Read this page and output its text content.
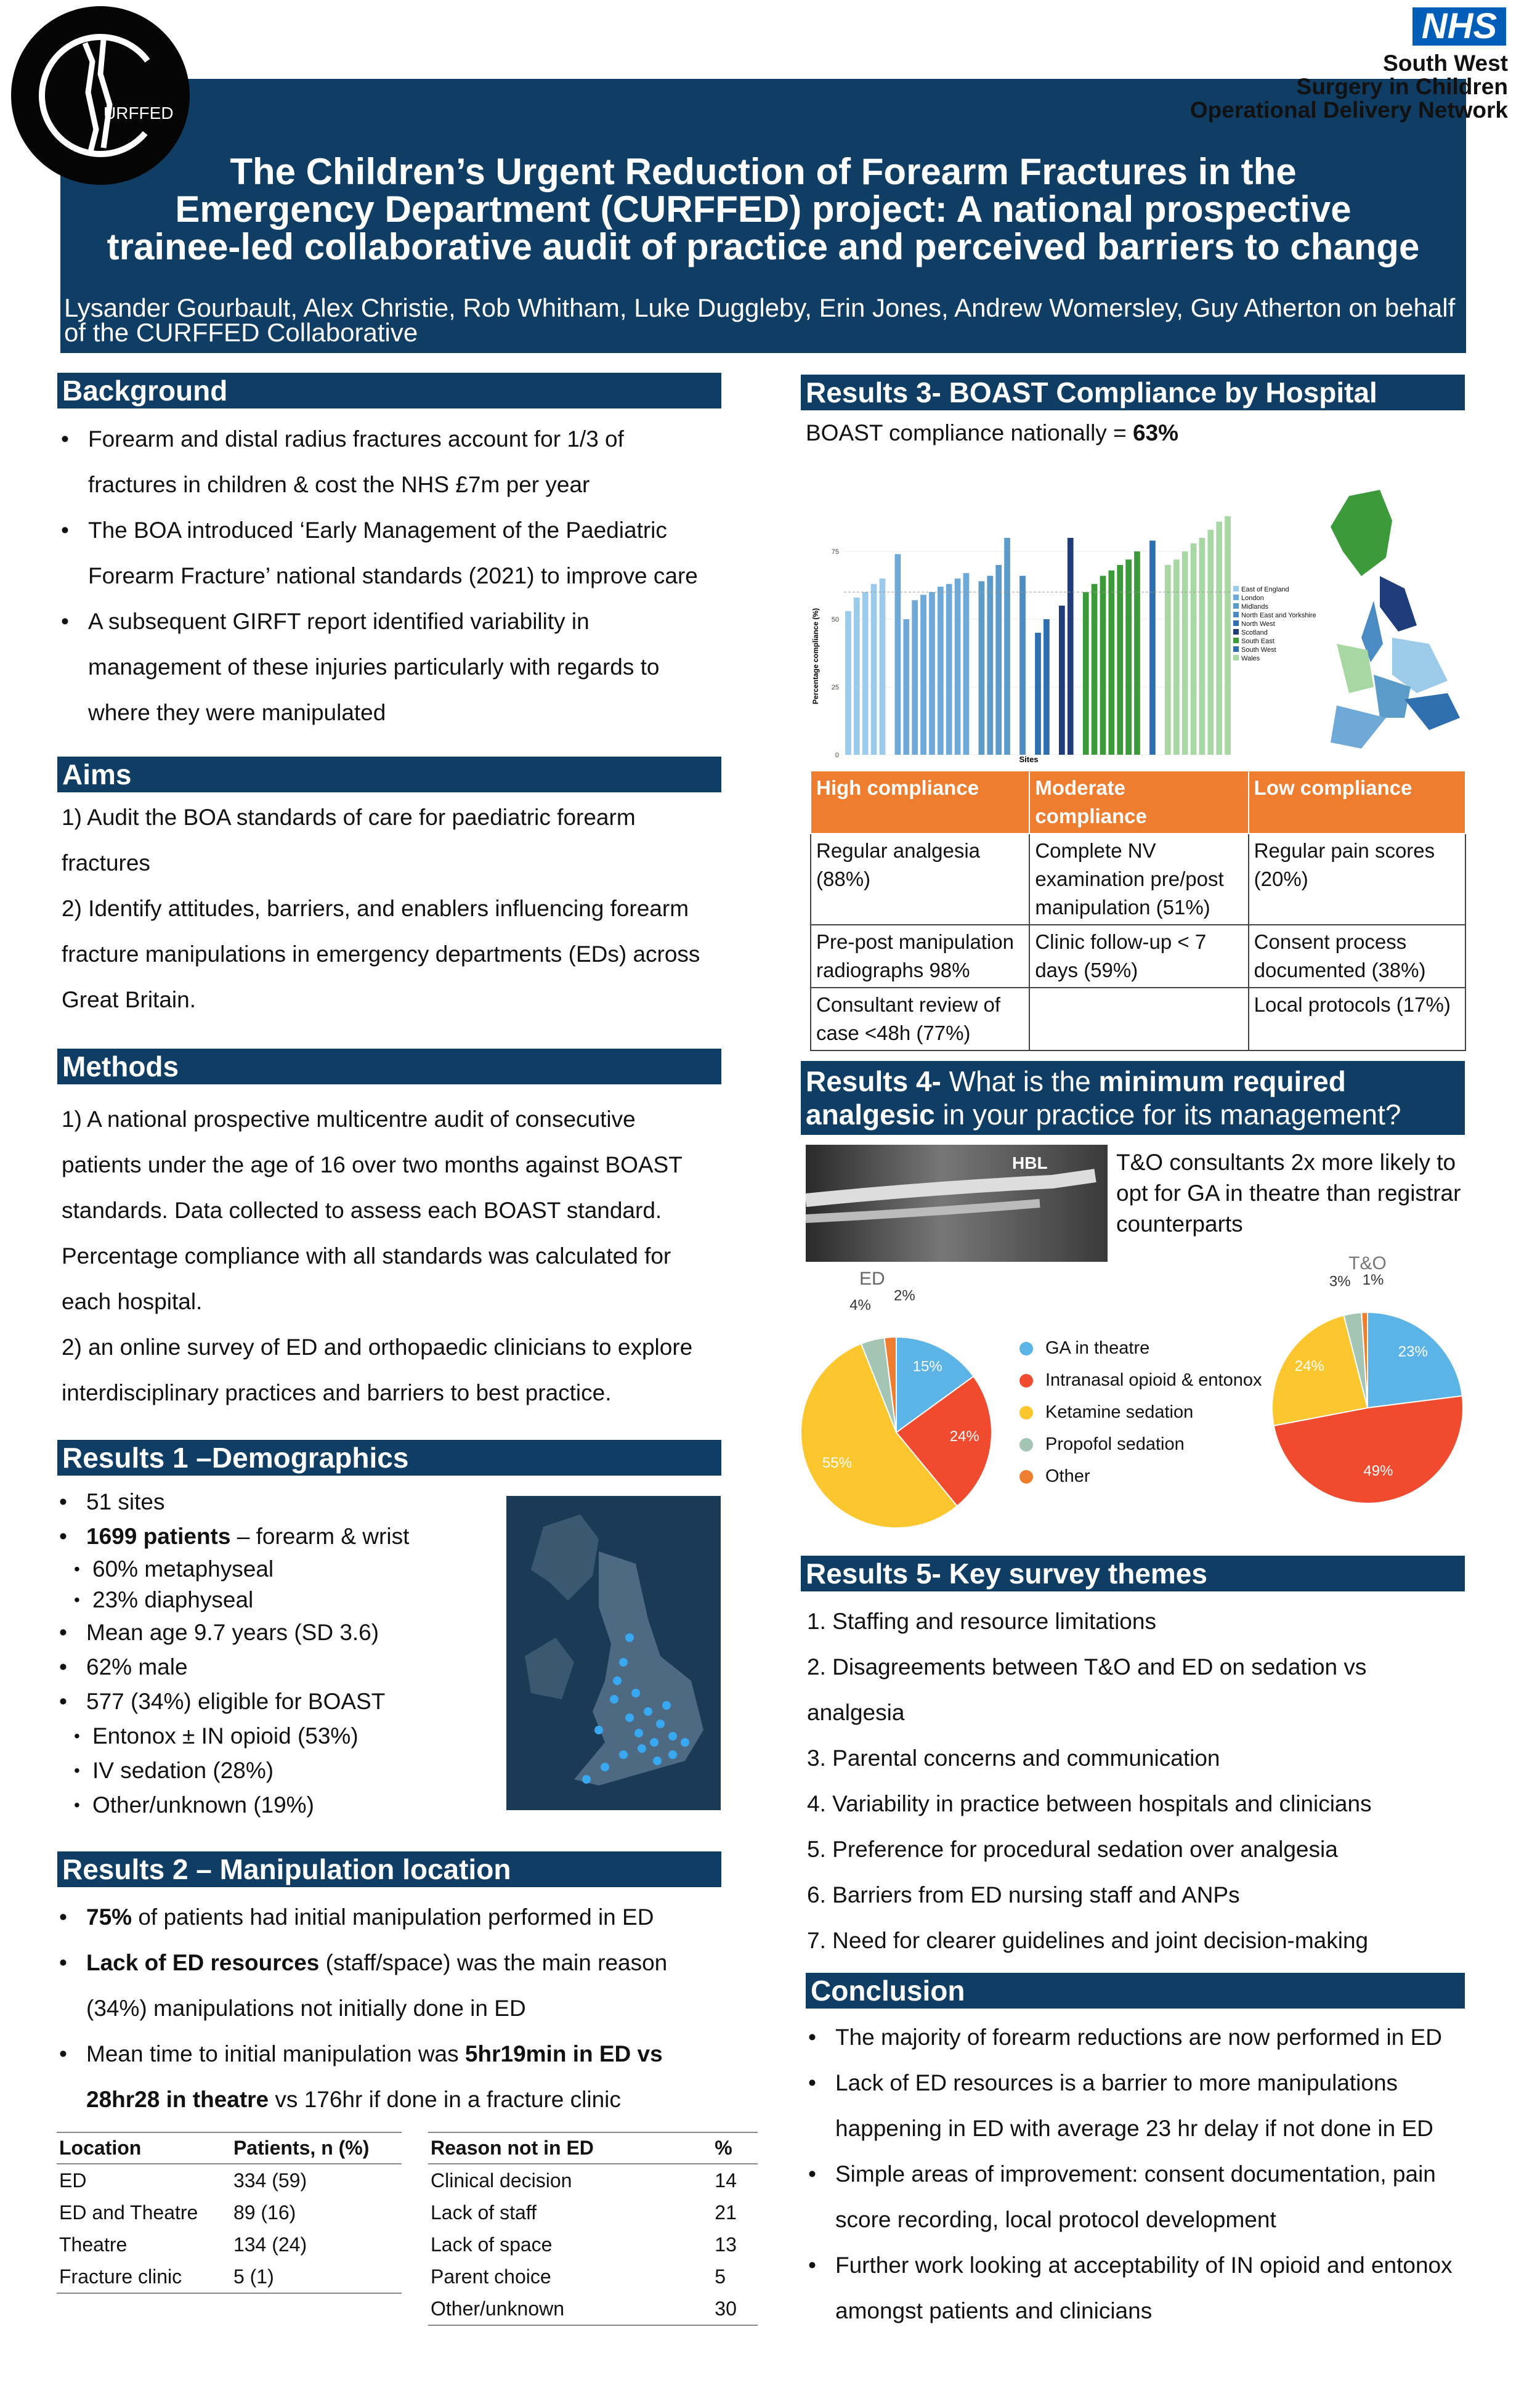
The Children’s Urgent Reduction of Forearm Fractures in the
Emergency Department (CURFFED) project: A national prospective
trainee-led collaborative audit of practice and perceived barriers to change
Lysander Gourbault, Alex Christie, Rob Whitham, Luke Duggleby, Erin Jones, Andrew Womersley, Guy Atherton on behalf
of the CURFFED Collaborative
URFFED
NHS
South West
Surgery in Children
Operational Delivery Network
Background
• Forearm and distal radius fractures account for 1/3 of fractures in children & cost the NHS £7m per year
• The BOA introduced ‘Early Management of the Paediatric Forearm Fracture’ national standards (2021) to improve care
• A subsequent GIRFT report identified variability in management of these injuries particularly with regards to where they were manipulated
Aims
1) Audit the BOA standards of care for paediatric forearm fractures
2) Identify attitudes, barriers, and enablers influencing forearm fracture manipulations in emergency departments (EDs) across Great Britain.
Methods
1) A national prospective multicentre audit of consecutive patients under the age of 16 over two months against BOAST standards. Data collected to assess each BOAST standard. Percentage compliance with all standards was calculated for each hospital.
2) an online survey of ED and orthopaedic clinicians to explore interdisciplinary practices and barriers to best practice.
Results 1 –Demographics
• 51 sites
• 1699 patients – forearm & wrist
• 60% metaphyseal
• 23% diaphyseal
• Mean age 9.7 years (SD 3.6)
• 62% male
• 577 (34%) eligible for BOAST
• Entonox ± IN opioid (53%)
• IV sedation (28%)
• Other/unknown (19%)
Results 2 – Manipulation location
• 75% of patients had initial manipulation performed in ED
• Lack of ED resources (staff/space) was the main reason (34%) manipulations not initially done in ED
• Mean time to initial manipulation was 5hr19min in ED vs 28hr28 in theatre vs 176hr if done in a fracture clinic
Location	Patients, n (%)
ED	334 (59)
ED and Theatre	89 (16)
Theatre	134 (24)
Fracture clinic	5 (1)
Reason not in ED	%
Clinical decision	14
Lack of staff	21
Lack of space	13
Parent choice	5
Other/unknown	30
Results 3- BOAST Compliance by Hospital
BOAST compliance nationally = 63%
Percentage compliance (%)
Sites
0
25
50
75
East of England
London
Midlands
North East and Yorkshire
North West
Scotland
South East
South West
Wales
High compliance	Moderate compliance	Low compliance
Regular analgesia (88%)	Complete NV examination pre/post manipulation (51%)	Regular pain scores (20%)
Pre-post manipulation radiographs 98%	Clinic follow-up < 7 days (59%)	Consent process documented (38%)
Consultant review of case <48h (77%)		Local protocols (17%)
Results 4- What is the minimum required
analgesic in your practice for its management?
HBL	T&O consultants 2x more likely to opt for GA in theatre than registrar counterparts
ED
15%
24%
55%
4%
2%
GA in theatre
Intranasal opioid & entonox
Ketamine sedation
Propofol sedation
Other
T&O
23%
49%
24%
3% 1%
Results 5- Key survey themes
1. Staffing and resource limitations
2. Disagreements between T&O and ED on sedation vs analgesia
3. Parental concerns and communication
4. Variability in practice between hospitals and clinicians
5. Preference for procedural sedation over analgesia
6. Barriers from ED nursing staff and ANPs
7. Need for clearer guidelines and joint decision-making
Conclusion
• The majority of forearm reductions are now performed in ED
• Lack of ED resources is a barrier to more manipulations happening in ED with average 23 hr delay if not done in ED
• Simple areas of improvement: consent documentation, pain score recording, local protocol development
• Further work looking at acceptability of IN opioid and entonox amongst patients and clinicians
